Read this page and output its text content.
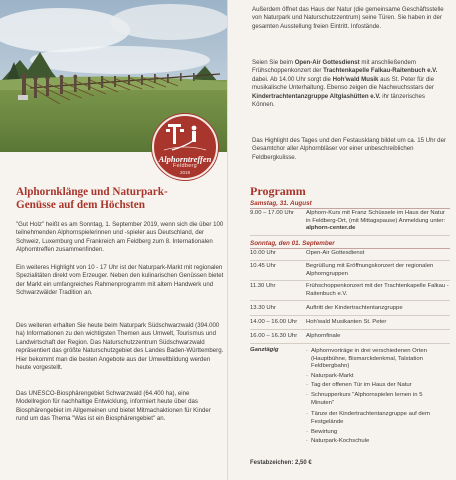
Alphorntreffen
Feldberg
2019
Alphornklänge und Naturpark-
Genüsse auf dem Höchsten
"Gut Holz" heißt es am Sonntag, 1. September 2019, wenn sich die über 100 teilnehmenden Alphornspielerinnen und -spieler aus Deutschland, der Schweiz, Luxemburg und Frankreich am Feldberg zum 8. Internationalen Alphorntreffen zusammenfinden.
Ein weiteres Highlight von 10 - 17 Uhr ist der Naturpark-Markt mit regionalen Spezialitäten direkt vom Erzeuger. Neben den kulinarischen Genüssen bietet der Markt ein umfangreiches Rahmenprogramm mit altem Handwerk und Schwarzwälder Tradition an.
Des weiteren erhalten Sie heute beim Naturpark Südschwarzwald (394.000 ha) Informationen zu den wichtigsten Themen aus Umwelt, Tourismus und Landwirtschaft der Region. Das Naturschutzzentrum Südschwarzwald repräsentiert das größte Naturschutzgebiet des Landes Baden-Württemberg. Hier bekommt man die besten Angebote aus der Umweltbildung werden heute vorgestellt.
Das UNESCO-Biosphärengebiet Schwarzwald (64.400 ha), eine Modellregion für nachhaltige Entwicklung, informiert heute über das Biosphärengebiet im Allgemeinen und bietet Mitmachaktionen für Kinder rund um das Thema "Was ist ein Biosphärengebiet" an.
Außerdem öffnet das Haus der Natur (die gemeinsame Geschäftsstelle von Naturpark und Naturschutzzentrum) seine Türen. Sie haben in der gesamten Ausstellung freien Eintritt. Infostände.
Seien Sie beim Open-Air Gottesdienst mit anschließendem Frühschoppenkonzert der Trachtenkapelle Falkau-Raitenbuch e.V. dabei. Ab 14.00 Uhr sorgt die Hoh'wald Musik aus St. Peter für die musikalische Unterhaltung. Ebenso zeigen die Nachwuchsstars der Kindertrachtentanzgruppe Altglashütten e.V. ihr tänzerisches Können.
Das Highlight des Tages und den Festausklang bildet um ca. 15 Uhr der Gesamtchor aller Alphornbläser vor einer unbeschreiblichen Feldbergkulisse.
Programm
Samstag, 31. August
9.00 – 17.00 Uhr	Alphorn-Kurs mit Franz Schüssele im Haus der Natur in Feldberg-Ort, (mit Mittagspause) Anmeldung unter: alphorn-center.de
Sonntag, den 01. September
10.00 Uhr	Open-Air Gottesdienst
10.45 Uhr	Begrüßung mit Eröffnungskonzert der regionalen Alphorngruppen
11.30 Uhr	Frühschoppenkonzert mit der Trachtenkapelle Falkau - Raitenbuch e.V.
13.30 Uhr	Auftritt der Kindertrachtentanzgruppe
14.00 – 16.00 Uhr	Hoh'wald Musikanten St. Peter
16.00 – 16.30 Uhr	Alphornfinale
Ganztägig	· Alphornvorträge in drei verschiedenen Orten (Hauptbühne, Bismarckdenkmal, Talstation Feldbergbahn)
· Naturpark-Markt
· Tag der offenen Tür im Haus der Natur
· Schnupperkurs "Alphornspielen lernen in 5 Minuten"
· Tänze der Kindertrachtentanzgruppe auf dem Festgelände
· Bewirtung
· Naturpark-Kochschule
Festabzeichen: 2,50 €
